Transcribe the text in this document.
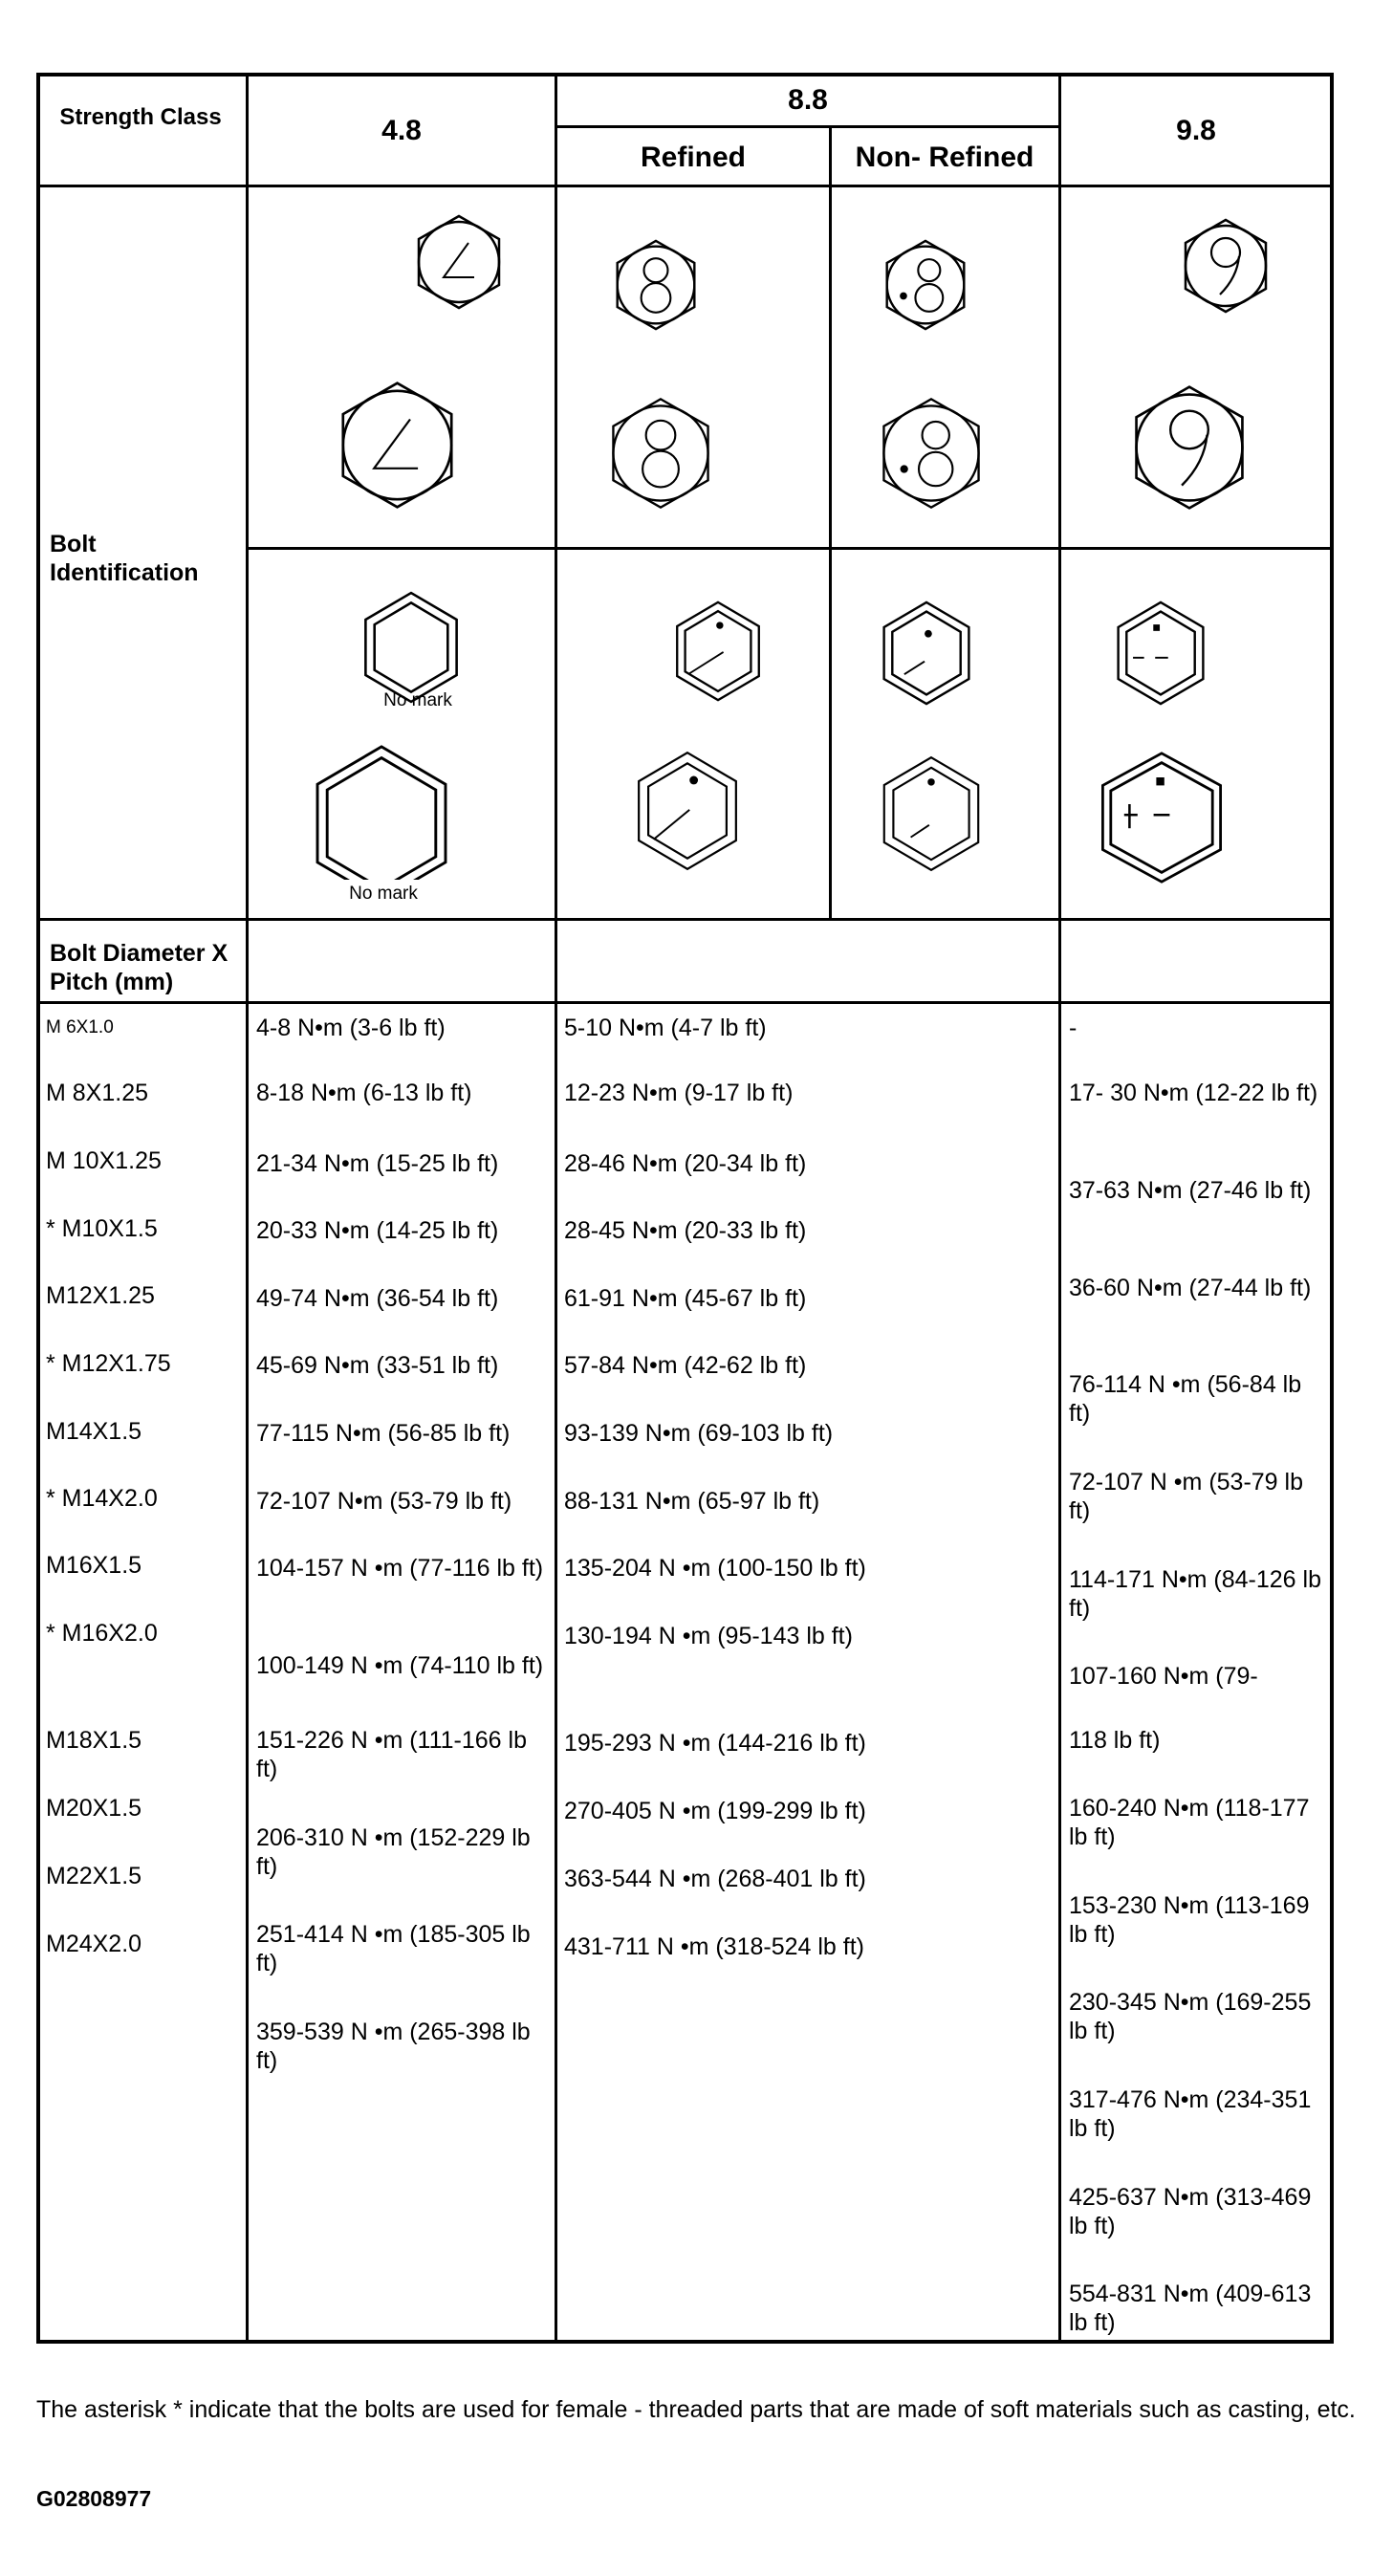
Strength Class	4.8
8.8
Refined	Non- Refined
9.8
Bolt Identification
Bolt Diameter X Pitch (mm)
No mark
No mark
M 6X1.0
M 8X1.25
M 10X1.25
* M10X1.5
M12X1.25
* M12X1.75
M14X1.5
* M14X2.0
M16X1.5
* M16X2.0
M18X1.5
M20X1.5
M22X1.5
M24X2.0
4-8 N•m (3-6 lb ft)
8-18 N•m (6-13 lb ft)
21-34 N•m (15-25 lb ft)
20-33 N•m (14-25 lb ft)
49-74 N•m (36-54 lb ft)
45-69 N•m (33-51 lb ft)
77-115 N•m (56-85 lb ft)
72-107 N•m (53-79 lb ft)
104-157 N •m (77-116 lb ft)
100-149 N •m (74-110 lb ft)
151-226 N •m (111-166 lb ft)
206-310 N •m (152-229 lb ft)
251-414 N •m (185-305 lb ft)
359-539 N •m (265-398 lb ft)
5-10 N•m (4-7 lb ft)
12-23 N•m (9-17 lb ft)
28-46 N•m (20-34 lb ft)
28-45 N•m (20-33 lb ft)
61-91 N•m (45-67 lb ft)
57-84 N•m (42-62 lb ft)
93-139 N•m (69-103 lb ft)
88-131 N•m (65-97 lb ft)
135-204 N •m (100-150 lb ft)
130-194 N •m (95-143 lb ft)
195-293 N •m (144-216 lb ft)
270-405 N •m (199-299 lb ft)
363-544 N •m (268-401 lb ft)
431-711 N •m (318-524 lb ft)
-
17- 30 N•m (12-22 lb ft)
37-63 N•m (27-46 lb ft)
36-60 N•m (27-44 lb ft)
76-114 N •m (56-84 lb ft)
72-107 N •m (53-79 lb ft)
114-171 N•m (84-126 lb ft)
107-160 N•m (79-
118 lb ft)
160-240 N•m (118-177 lb ft)
153-230 N•m (113-169 lb ft)
230-345 N•m (169-255 lb ft)
317-476 N•m (234-351 lb ft)
425-637 N•m (313-469 lb ft)
554-831 N•m (409-613 lb ft)
The asterisk * indicate that the bolts are used for female - threaded parts that are made of soft materials such as casting, etc.
G02808977
